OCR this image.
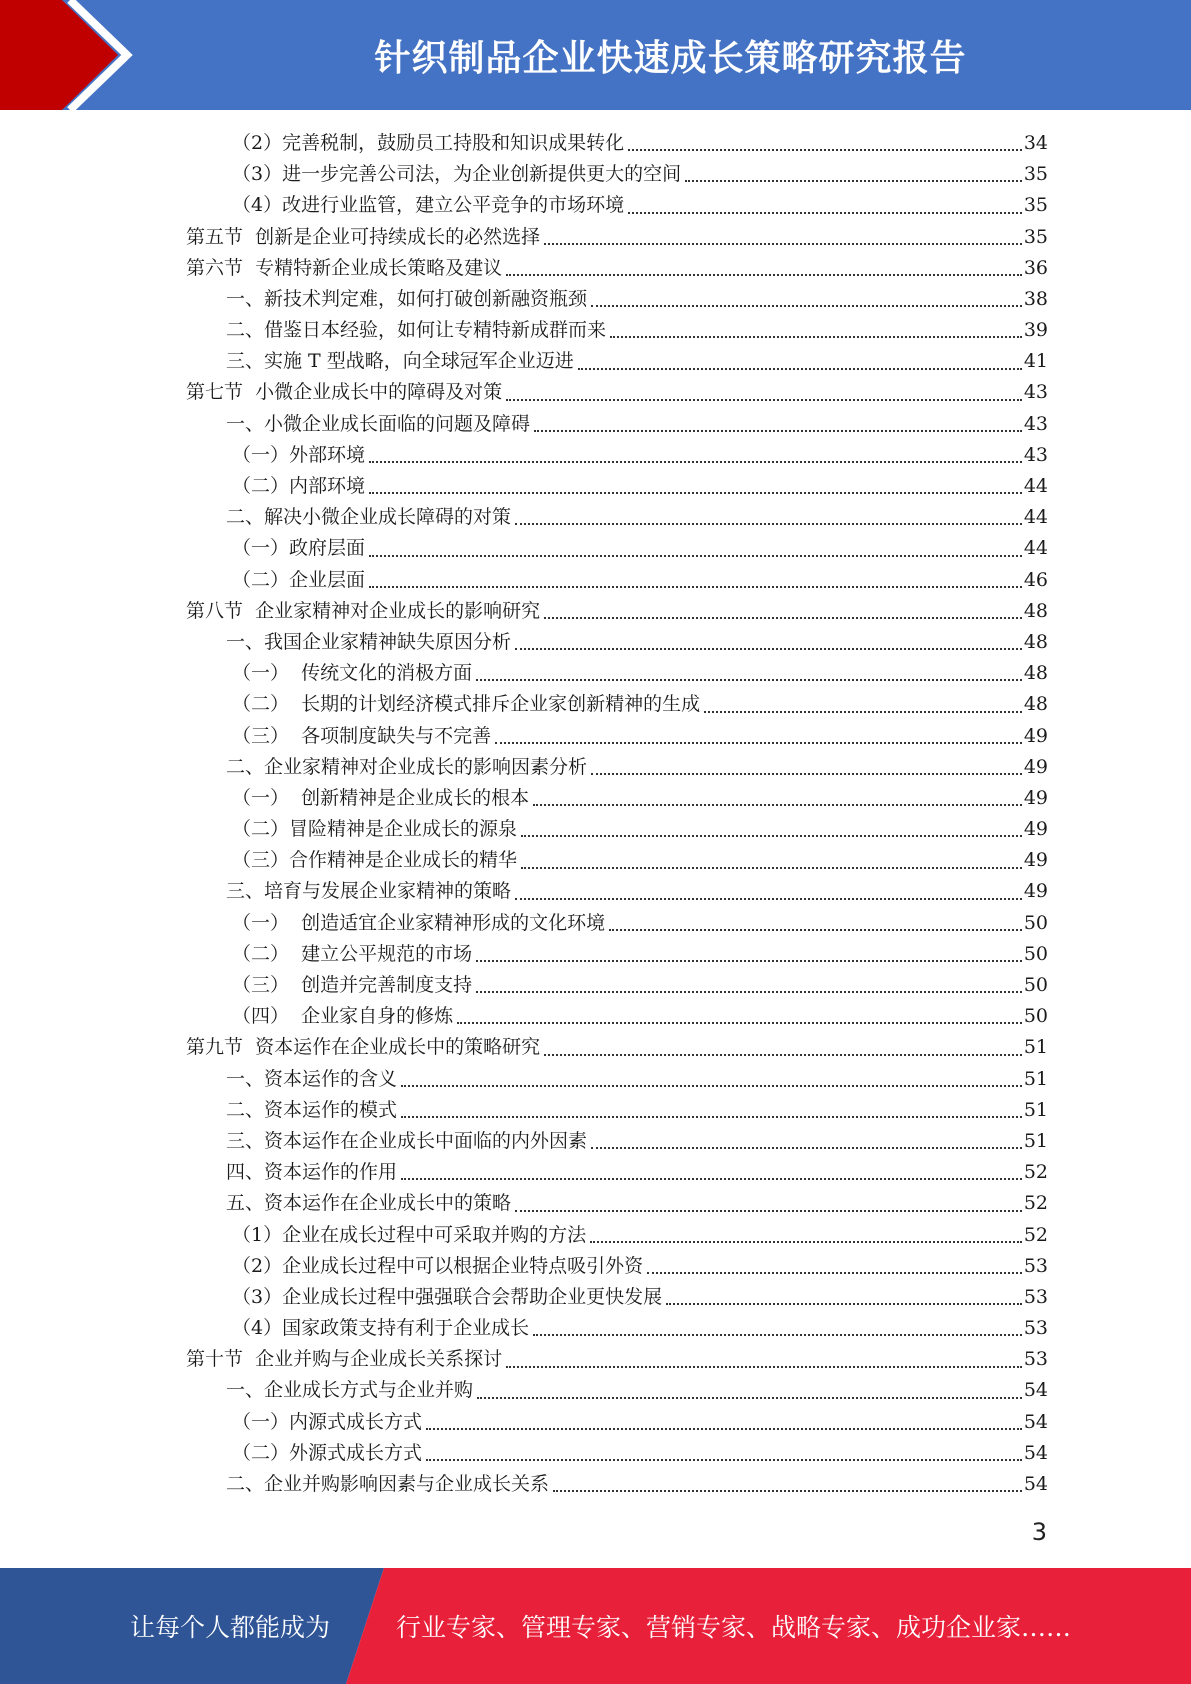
针织制品企业快速成长策略研究报告
（2）完善税制，鼓励员工持股和知识成果转化	34
（3）进一步完善公司法，为企业创新提供更大的空间	35
（4）改进行业监管，建立公平竞争的市场环境	35
第五节  创新是企业可持续成长的必然选择	35
第六节  专精特新企业成长策略及建议	36
一、新技术判定难，如何打破创新融资瓶颈	38
二、借鉴日本经验，如何让专精特新成群而来	39
三、实施 T 型战略，向全球冠军企业迈进	41
第七节  小微企业成长中的障碍及对策	43
一、小微企业成长面临的问题及障碍	43
（一）外部环境	43
（二）内部环境	44
二、解决小微企业成长障碍的对策	44
（一）政府层面	44
（二）企业层面	46
第八节  企业家精神对企业成长的影响研究	48
一、我国企业家精神缺失原因分析	48
（一）  传统文化的消极方面	48
（二）  长期的计划经济模式排斥企业家创新精神的生成	48
（三）  各项制度缺失与不完善	49
二、企业家精神对企业成长的影响因素分析	49
（一）  创新精神是企业成长的根本	49
（二）冒险精神是企业成长的源泉	49
（三）合作精神是企业成长的精华	49
三、培育与发展企业家精神的策略	49
（一）  创造适宜企业家精神形成的文化环境	50
（二）  建立公平规范的市场	50
（三）  创造并完善制度支持	50
（四）  企业家自身的修炼	50
第九节  资本运作在企业成长中的策略研究	51
一、资本运作的含义	51
二、资本运作的模式	51
三、资本运作在企业成长中面临的内外因素	51
四、资本运作的作用	52
五、资本运作在企业成长中的策略	52
（1）企业在成长过程中可采取并购的方法	52
（2）企业成长过程中可以根据企业特点吸引外资	53
（3）企业成长过程中强强联合会帮助企业更快发展	53
（4）国家政策支持有利于企业成长	53
第十节  企业并购与企业成长关系探讨	53
一、企业成长方式与企业并购	54
（一）内源式成长方式	54
（二）外源式成长方式	54
二、企业并购影响因素与企业成长关系	54
3
让每个人都能成为	行业专家、管理专家、营销专家、战略专家、成功企业家……
